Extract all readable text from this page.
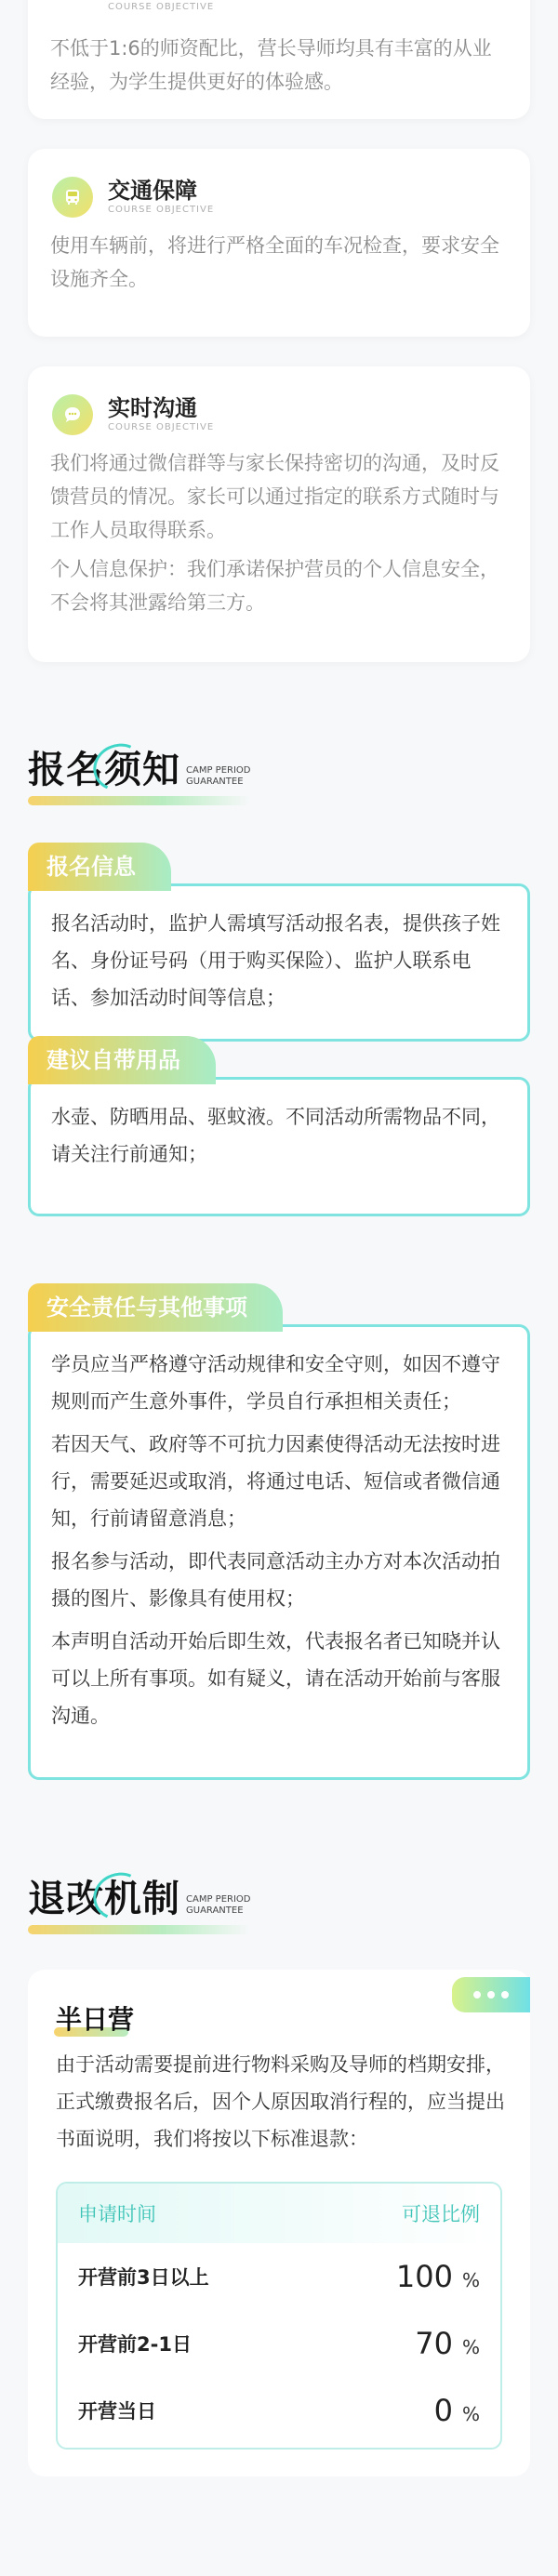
COURSE OBJECTIVE

不低于1:6的师资配比，营长导师均具有丰富的从业经验，为学生提供更好的体验感。

交通保障
COURSE OBJECTIVE

使用车辆前，将进行严格全面的车况检查，要求安全设施齐全。

实时沟通
COURSE OBJECTIVE

我们将通过微信群等与家长保持密切的沟通，及时反馈营员的情况。家长可以通过指定的联系方式随时与工作人员取得联系。

个人信息保护：我们承诺保护营员的个人信息安全，不会将其泄露给第三方。

报名须知 CAMP PERIOD
GUARANTEE
报名信息

报名活动时，监护人需填写活动报名表，提供孩子姓名、身份证号码（用于购买保险）、监护人联系电话、参加活动时间等信息；

建议自带用品

水壶、防晒用品、驱蚊液。不同活动所需物品不同，请关注行前通知；

安全责任与其他事项

学员应当严格遵守活动规律和安全守则，如因不遵守规则而产生意外事件，学员自行承担相关责任；

若因天气、政府等不可抗力因素使得活动无法按时进行，需要延迟或取消，将通过电话、短信或者微信通知，行前请留意消息；

报名参与活动，即代表同意活动主办方对本次活动拍摄的图片、影像具有使用权；

本声明自活动开始后即生效，代表报名者已知晓并认可以上所有事项。如有疑义，请在活动开始前与客服沟通。

退改机制 CAMP PERIOD
GUARANTEE
半日营
由于活动需要提前进行物料采购及导师的档期安排，正式缴费报名后，因个人原因取消行程的，应当提出书面说明，我们将按以下标准退款：
申请时间	可退比例
开营前3日以上	100 %
开营前2-1日	70 %
开营当日	0 %
